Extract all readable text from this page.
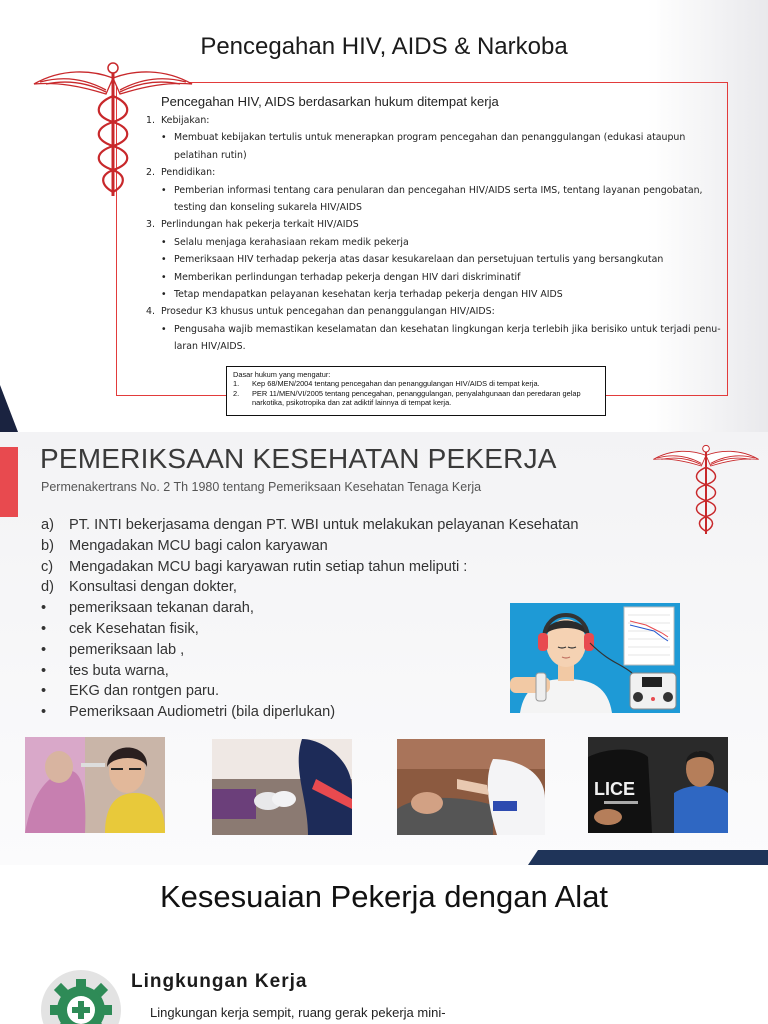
Pencegahan HIV, AIDS & Narkoba
Pencegahan HIV, AIDS berdasarkan hukum ditempat kerja
1. Kebijakan:
• Membuat kebijakan tertulis untuk menerapkan program pencegahan dan penanggulangan (edukasi ataupun pelatihan rutin)
2. Pendidikan:
• Pemberian informasi tentang cara penularan dan pencegahan HIV/AIDS serta IMS, tentang layanan pengobatan, testing dan konseling sukarela HIV/AIDS
3. Perlindungan hak pekerja terkait HIV/AIDS
• Selalu menjaga kerahasiaan rekam medik pekerja
• Pemeriksaan HIV terhadap pekerja atas dasar kesukarelaan dan persetujuan tertulis yang bersangkutan
• Memberikan perlindungan terhadap pekerja dengan HIV dari diskriminatif
• Tetap mendapatkan pelayanan kesehatan kerja terhadap pekerja dengan HIV AIDS
4. Prosedur K3 khusus untuk pencegahan dan penanggulangan HIV/AIDS:
• Pengusaha wajib memastikan keselamatan dan kesehatan lingkungan kerja terlebih jika berisiko untuk terjadi penu-laran HIV/AIDS.
Dasar hukum yang mengatur:
1.	Kep 68/MEN/2004 tentang pencegahan dan penanggulangan HIV/AIDS di tempat kerja.
2.	PER 11/MEN/VI/2005 tentang pencegahan, penanggulangan, penyalahgunaan dan peredaran gelap narkotika, psikotropika dan zat adiktif lainnya di tempat kerja.
PEMERIKSAAN KESEHATAN PEKERJA
Permenakertrans No. 2 Th 1980 tentang Pemeriksaan Kesehatan Tenaga Kerja
a)	PT. INTI bekerjasama dengan PT. WBI untuk melakukan pelayanan Kesehatan
b)	Mengadakan MCU bagi calon karyawan
c)	Mengadakan MCU bagi karyawan rutin setiap tahun meliputi :
d)	Konsultasi dengan dokter,
•	pemeriksaan tekanan darah,
•	cek Kesehatan fisik,
•	pemeriksaan lab ,
•	tes buta warna,
•	EKG dan rontgen paru.
•	Pemeriksaan Audiometri (bila diperlukan)
LICE
Kesesuaian Pekerja dengan Alat
Lingkungan Kerja
Lingkungan kerja sempit, ruang gerak pekerja mini-
